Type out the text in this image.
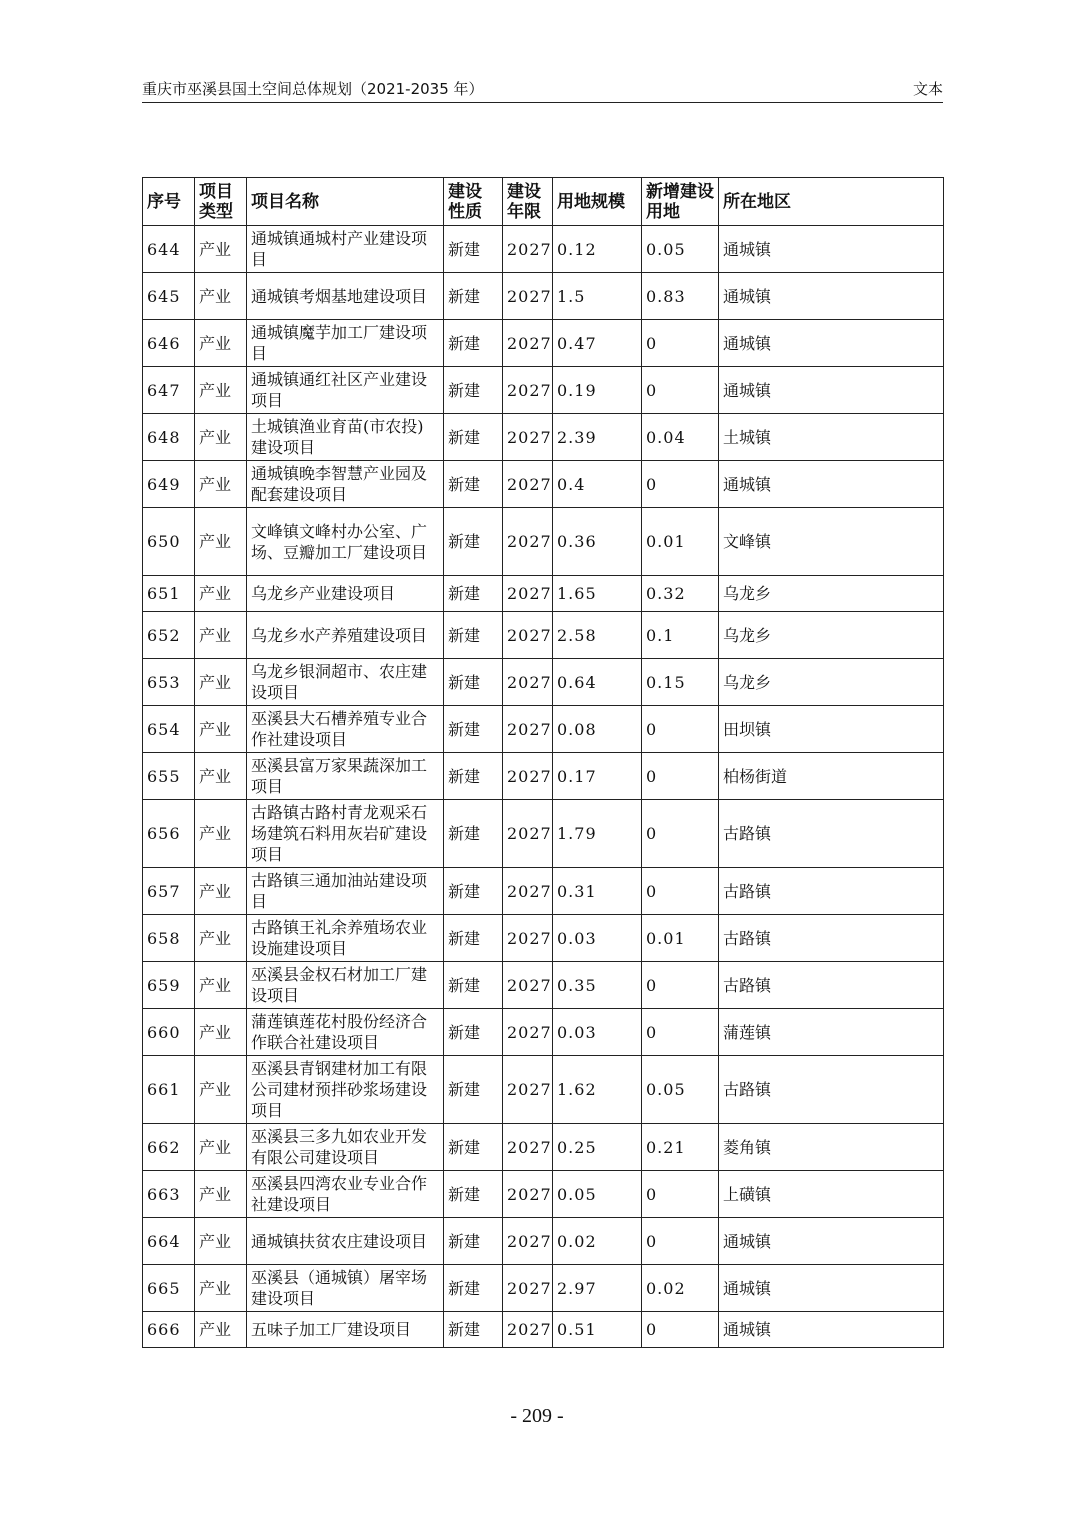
重庆市巫溪县国土空间总体规划（2021-2035 年）	文本
序号	项目类型	项目名称	建设性质	建设年限	用地规模	新增建设用地	所在地区
644	产业	通城镇通城村产业建设项目	新建	2027	0.12	0.05	通城镇
645	产业	通城镇考烟基地建设项目	新建	2027	1.5	0.83	通城镇
646	产业	通城镇魔芋加工厂建设项目	新建	2027	0.47	0	通城镇
647	产业	通城镇通红社区产业建设项目	新建	2027	0.19	0	通城镇
648	产业	土城镇渔业育苗(市农投)建设项目	新建	2027	2.39	0.04	土城镇
649	产业	通城镇晚李智慧产业园及配套建设项目	新建	2027	0.4	0	通城镇
650	产业	文峰镇文峰村办公室、广场、豆瓣加工厂建设项目	新建	2027	0.36	0.01	文峰镇
651	产业	乌龙乡产业建设项目	新建	2027	1.65	0.32	乌龙乡
652	产业	乌龙乡水产养殖建设项目	新建	2027	2.58	0.1	乌龙乡
653	产业	乌龙乡银洞超市、农庄建设项目	新建	2027	0.64	0.15	乌龙乡
654	产业	巫溪县大石槽养殖专业合作社建设项目	新建	2027	0.08	0	田坝镇
655	产业	巫溪县富万家果蔬深加工项目	新建	2027	0.17	0	柏杨街道
656	产业	古路镇古路村青龙观采石场建筑石料用灰岩矿建设项目	新建	2027	1.79	0	古路镇
657	产业	古路镇三通加油站建设项目	新建	2027	0.31	0	古路镇
658	产业	古路镇王礼余养殖场农业设施建设项目	新建	2027	0.03	0.01	古路镇
659	产业	巫溪县金权石材加工厂建设项目	新建	2027	0.35	0	古路镇
660	产业	蒲莲镇莲花村股份经济合作联合社建设项目	新建	2027	0.03	0	蒲莲镇
661	产业	巫溪县青钢建材加工有限公司建材预拌砂浆场建设项目	新建	2027	1.62	0.05	古路镇
662	产业	巫溪县三多九如农业开发有限公司建设项目	新建	2027	0.25	0.21	菱角镇
663	产业	巫溪县四湾农业专业合作社建设项目	新建	2027	0.05	0	上磺镇
664	产业	通城镇扶贫农庄建设项目	新建	2027	0.02	0	通城镇
665	产业	巫溪县（通城镇）屠宰场建设项目	新建	2027	2.97	0.02	通城镇
666	产业	五味子加工厂建设项目	新建	2027	0.51	0	通城镇
- 209 -
